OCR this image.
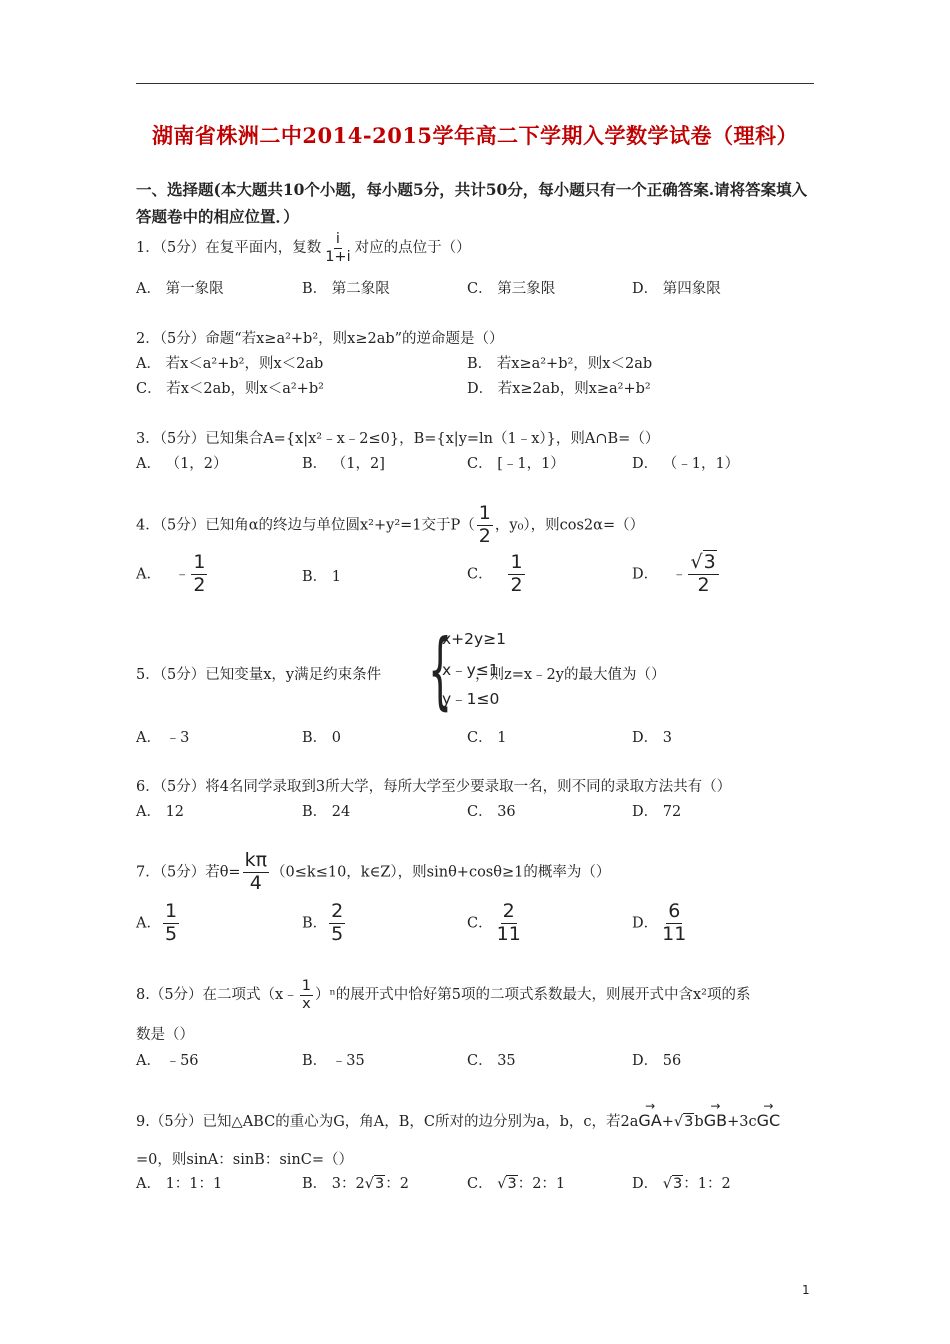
湖南省株洲二中2014-2015学年高二下学期入学数学试卷（理科）
一、选择题(本大题共10个小题，每小题5分，共计50分，每小题只有一个正确答案.请将答案填入答题卷中的相应位置．）
1．（5分）在复平面内，复数 $\frac{i}{1+i}$ 对应的点位于（）
A． 第一象限	B． 第二象限	C． 第三象限	D． 第四象限
2．（5分）命题“若x≥a²+b²，则x≥2ab”的逆命题是（）
A． 若x＜a²+b²，则x＜2ab	B． 若x≥a²+b²，则x＜2ab
C． 若x＜2ab，则x＜a²+b²	D． 若x≥2ab，则x≥a²+b²
3．（5分）已知集合A={x|x²﹣x﹣2≤0}，B={x|y=ln（1﹣x）}，则A∩B=（）
A． （1，2）	B． （1，2]	C． [﹣1，1）	D． （﹣1，1）
4．（5分）已知角α的终边与单位圆x²+y²=1交于$P( \frac{1}{2}$ ，y₀），则cos2α=（）
A． ﹣ $\frac{1}{2}$	B． 1	C． $\frac{1}{2}$	D． ﹣ $\frac{√3}{2}$
5．（5分）已知变量x，y满足约束条件	，则z=x﹣2y的最大值为（）
{
x+2y≥1
x﹣y≤1
y﹣1≤0
A． ﹣3	B． 0	C． 1	D． 3
6．（5分）将4名同学录取到3所大学，每所大学至少要录取一名，则不同的录取方法共有（）
A． 12	B． 24	C． 36	D． 72
7．（5分）若$\theta= \frac{k\pi}{4} (0\le k\le 10$，k∈Z），则sinθ+cosθ≥1的概率为（）
A． $\frac{1}{5}$	B． $\frac{2}{5}$	C． $\frac{2}{11}$	D． $\frac{6}{11}$
8.（5分）在二项式（x﹣ $\frac{1}{x} )^n$的展开式中恰好第5项的二项式系数最大，则展开式中含x²项的系
数是（）
A． ﹣56	B． ﹣35	C． 35	D． 56
9.（5分）已知△ABC的重心为G，角A，B，C所对的边分别为a，b，c，若2a→ GA+√3b→ GB+3c→ GC
=0，则sinA：sinB：sinC=（）
A． 1：1：1	B． 3：2√3：2	C． √3：2：1	D． √3：1：2
1
